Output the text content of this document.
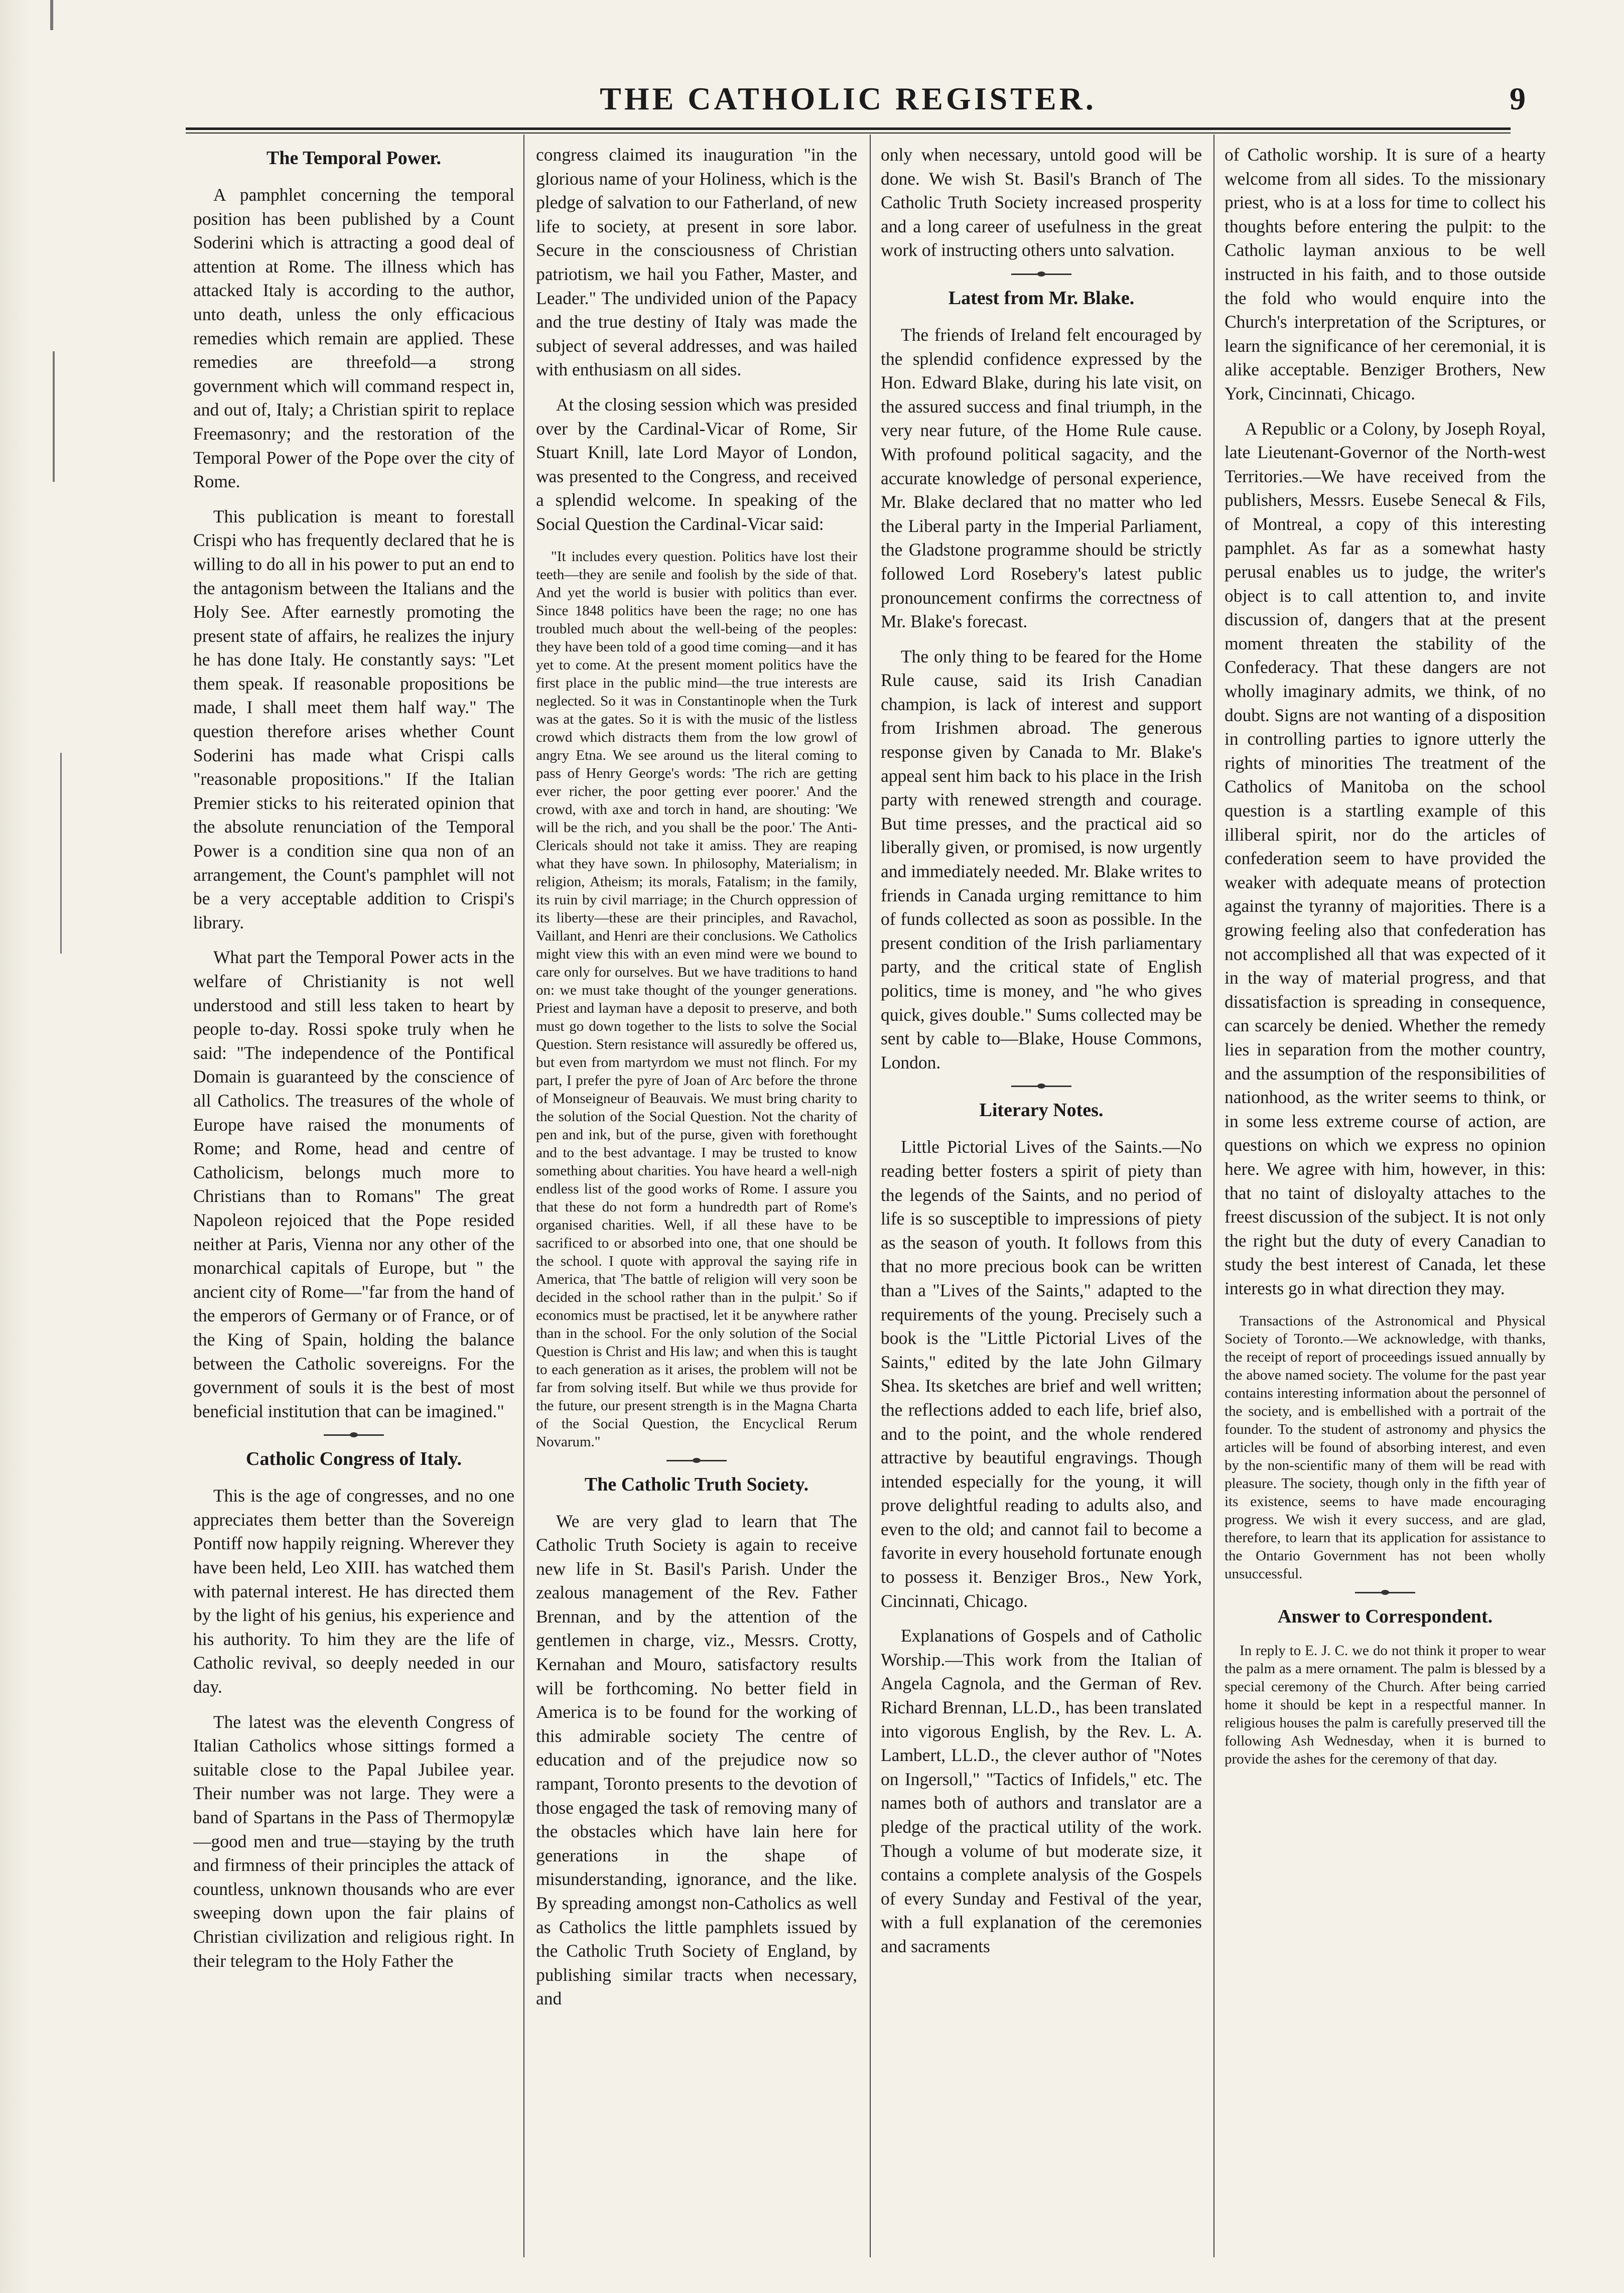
THE CATHOLIC REGISTER.	9
The Temporal Power.

A pamphlet concerning the temporal position has been published by a Count Soderini which is attracting a good deal of attention at Rome. The illness which has attacked Italy is according to the author, unto death, unless the only efficacious remedies which remain are applied. These remedies are threefold—a strong government which will command respect in, and out of, Italy; a Christian spirit to replace Freemasonry; and the restoration of the Temporal Power of the Pope over the city of Rome.

This publication is meant to forestall Crispi who has frequently declared that he is willing to do all in his power to put an end to the antagonism between the Italians and the Holy See. After earnestly promoting the present state of affairs, he realizes the injury he has done Italy. He constantly says: "Let them speak. If reasonable propositions be made, I shall meet them half way." The question therefore arises whether Count Soderini has made what Crispi calls "reasonable propositions." If the Italian Premier sticks to his reiterated opinion that the absolute renunciation of the Temporal Power is a condition sine qua non of an arrangement, the Count's pamphlet will not be a very acceptable addition to Crispi's library.

What part the Temporal Power acts in the welfare of Christianity is not well understood and still less taken to heart by people to-day. Rossi spoke truly when he said: "The independence of the Pontifical Domain is guaranteed by the conscience of all Catholics. The treasures of the whole of Europe have raised the monuments of Rome; and Rome, head and centre of Catholicism, belongs much more to Christians than to Romans" The great Napoleon rejoiced that the Pope resided neither at Paris, Vienna nor any other of the monarchical capitals of Europe, but " the ancient city of Rome—"far from the hand of the emperors of Germany or of France, or of the King of Spain, holding the balance between the Catholic sovereigns. For the government of souls it is the best of most beneficial institution that can be imagined."

Catholic Congress of Italy.

This is the age of congresses, and no one appreciates them better than the Sovereign Pontiff now happily reigning. Wherever they have been held, Leo XIII. has watched them with paternal interest. He has directed them by the light of his genius, his experience and his authority. To him they are the life of Catholic revival, so deeply needed in our day.

The latest was the eleventh Congress of Italian Catholics whose sittings formed a suitable close to the Papal Jubilee year. Their number was not large. They were a band of Spartans in the Pass of Thermopylæ—good men and true—staying by the truth and firmness of their principles the attack of countless, unknown thousands who are ever sweeping down upon the fair plains of Christian civilization and religious right. In their telegram to the Holy Father the

congress claimed its inauguration "in the glorious name of your Holiness, which is the pledge of salvation to our Fatherland, of new life to society, at present in sore labor. Secure in the consciousness of Christian patriotism, we hail you Father, Master, and Leader." The undivided union of the Papacy and the true destiny of Italy was made the subject of several addresses, and was hailed with enthusiasm on all sides.

At the closing session which was presided over by the Cardinal-Vicar of Rome, Sir Stuart Knill, late Lord Mayor of London, was presented to the Congress, and received a splendid welcome. In speaking of the Social Question the Cardinal-Vicar said:

"It includes every question. Politics have lost their teeth—they are senile and foolish by the side of that. And yet the world is busier with politics than ever. Since 1848 politics have been the rage; no one has troubled much about the well-being of the peoples: they have been told of a good time coming—and it has yet to come. At the present moment politics have the first place in the public mind—the true interests are neglected. So it was in Constantinople when the Turk was at the gates. So it is with the music of the listless crowd which distracts them from the low growl of angry Etna. We see around us the literal coming to pass of Henry George's words: 'The rich are getting ever richer, the poor getting ever poorer.' And the crowd, with axe and torch in hand, are shouting: 'We will be the rich, and you shall be the poor.' The Anti-Clericals should not take it amiss. They are reaping what they have sown. In philosophy, Materialism; in religion, Atheism; its morals, Fatalism; in the family, its ruin by civil marriage; in the Church oppression of its liberty—these are their principles, and Ravachol, Vaillant, and Henri are their conclusions. We Catholics might view this with an even mind were we bound to care only for ourselves. But we have traditions to hand on: we must take thought of the younger generations. Priest and layman have a deposit to preserve, and both must go down together to the lists to solve the Social Question. Stern resistance will assuredly be offered us, but even from martyrdom we must not flinch. For my part, I prefer the pyre of Joan of Arc before the throne of Monseigneur of Beauvais. We must bring charity to the solution of the Social Question. Not the charity of pen and ink, but of the purse, given with forethought and to the best advantage. I may be trusted to know something about charities. You have heard a well-nigh endless list of the good works of Rome. I assure you that these do not form a hundredth part of Rome's organised charities. Well, if all these have to be sacrificed to or absorbed into one, that one should be the school. I quote with approval the saying rife in America, that 'The battle of religion will very soon be decided in the school rather than in the pulpit.' So if economics must be practised, let it be anywhere rather than in the school. For the only solution of the Social Question is Christ and His law; and when this is taught to each generation as it arises, the problem will not be far from solving itself. But while we thus provide for the future, our present strength is in the Magna Charta of the Social Question, the Encyclical Rerum Novarum."

The Catholic Truth Society.

We are very glad to learn that The Catholic Truth Society is again to receive new life in St. Basil's Parish. Under the zealous management of the Rev. Father Brennan, and by the attention of the gentlemen in charge, viz., Messrs. Crotty, Kernahan and Mouro, satisfactory results will be forthcoming. No better field in America is to be found for the working of this admirable society The centre of education and of the prejudice now so rampant, Toronto presents to the devotion of those engaged the task of removing many of the obstacles which have lain here for generations in the shape of misunderstanding, ignorance, and the like. By spreading amongst non-Catholics as well as Catholics the little pamphlets issued by the Catholic Truth Society of England, by publishing similar tracts when necessary, and

only when necessary, untold good will be done. We wish St. Basil's Branch of The Catholic Truth Society increased prosperity and a long career of usefulness in the great work of instructing others unto salvation.

Latest from Mr. Blake.

The friends of Ireland felt encouraged by the splendid confidence expressed by the Hon. Edward Blake, during his late visit, on the assured success and final triumph, in the very near future, of the Home Rule cause. With profound political sagacity, and the accurate knowledge of personal experience, Mr. Blake declared that no matter who led the Liberal party in the Imperial Parliament, the Gladstone programme should be strictly followed Lord Rosebery's latest public pronouncement confirms the correctness of Mr. Blake's forecast.

The only thing to be feared for the Home Rule cause, said its Irish Canadian champion, is lack of interest and support from Irishmen abroad. The generous response given by Canada to Mr. Blake's appeal sent him back to his place in the Irish party with renewed strength and courage. But time presses, and the practical aid so liberally given, or promised, is now urgently and immediately needed. Mr. Blake writes to friends in Canada urging remittance to him of funds collected as soon as possible. In the present condition of the Irish parliamentary party, and the critical state of English politics, time is money, and "he who gives quick, gives double." Sums collected may be sent by cable to—Blake, House Commons, London.

Literary Notes.

Little Pictorial Lives of the Saints.—No reading better fosters a spirit of piety than the legends of the Saints, and no period of life is so susceptible to impressions of piety as the season of youth. It follows from this that no more precious book can be written than a "Lives of the Saints," adapted to the requirements of the young. Precisely such a book is the "Little Pictorial Lives of the Saints," edited by the late John Gilmary Shea. Its sketches are brief and well written; the reflections added to each life, brief also, and to the point, and the whole rendered attractive by beautiful engravings. Though intended especially for the young, it will prove delightful reading to adults also, and even to the old; and cannot fail to become a favorite in every household fortunate enough to possess it. Benziger Bros., New York, Cincinnati, Chicago.

Explanations of Gospels and of Catholic Worship.—This work from the Italian of Angela Cagnola, and the German of Rev. Richard Brennan, LL.D., has been translated into vigorous English, by the Rev. L. A. Lambert, LL.D., the clever author of "Notes on Ingersoll," "Tactics of Infidels," etc. The names both of authors and translator are a pledge of the practical utility of the work. Though a volume of but moderate size, it contains a complete analysis of the Gospels of every Sunday and Festival of the year, with a full explanation of the ceremonies and sacraments

of Catholic worship. It is sure of a hearty welcome from all sides. To the missionary priest, who is at a loss for time to collect his thoughts before entering the pulpit: to the Catholic layman anxious to be well instructed in his faith, and to those outside the fold who would enquire into the Church's interpretation of the Scriptures, or learn the significance of her ceremonial, it is alike acceptable. Benziger Brothers, New York, Cincinnati, Chicago.

A Republic or a Colony, by Joseph Royal, late Lieutenant-Governor of the North-west Territories.—We have received from the publishers, Messrs. Eusebe Senecal & Fils, of Montreal, a copy of this interesting pamphlet. As far as a somewhat hasty perusal enables us to judge, the writer's object is to call attention to, and invite discussion of, dangers that at the present moment threaten the stability of the Confederacy. That these dangers are not wholly imaginary admits, we think, of no doubt. Signs are not wanting of a disposition in controlling parties to ignore utterly the rights of minorities The treatment of the Catholics of Manitoba on the school question is a startling example of this illiberal spirit, nor do the articles of confederation seem to have provided the weaker with adequate means of protection against the tyranny of majorities. There is a growing feeling also that confederation has not accomplished all that was expected of it in the way of material progress, and that dissatisfaction is spreading in consequence, can scarcely be denied. Whether the remedy lies in separation from the mother country, and the assumption of the responsibilities of nationhood, as the writer seems to think, or in some less extreme course of action, are questions on which we express no opinion here. We agree with him, however, in this: that no taint of disloyalty attaches to the freest discussion of the subject. It is not only the right but the duty of every Canadian to study the best interest of Canada, let these interests go in what direction they may.

Transactions of the Astronomical and Physical Society of Toronto.—We acknowledge, with thanks, the receipt of report of proceedings issued annually by the above named society. The volume for the past year contains interesting information about the personnel of the society, and is embellished with a portrait of the founder. To the student of astronomy and physics the articles will be found of absorbing interest, and even by the non-scientific many of them will be read with pleasure. The society, though only in the fifth year of its existence, seems to have made encouraging progress. We wish it every success, and are glad, therefore, to learn that its application for assistance to the Ontario Government has not been wholly unsuccessful.

Answer to Correspondent.

In reply to E. J. C. we do not think it proper to wear the palm as a mere ornament. The palm is blessed by a special ceremony of the Church. After being carried home it should be kept in a respectful manner. In religious houses the palm is carefully preserved till the following Ash Wednesday, when it is burned to provide the ashes for the ceremony of that day.
